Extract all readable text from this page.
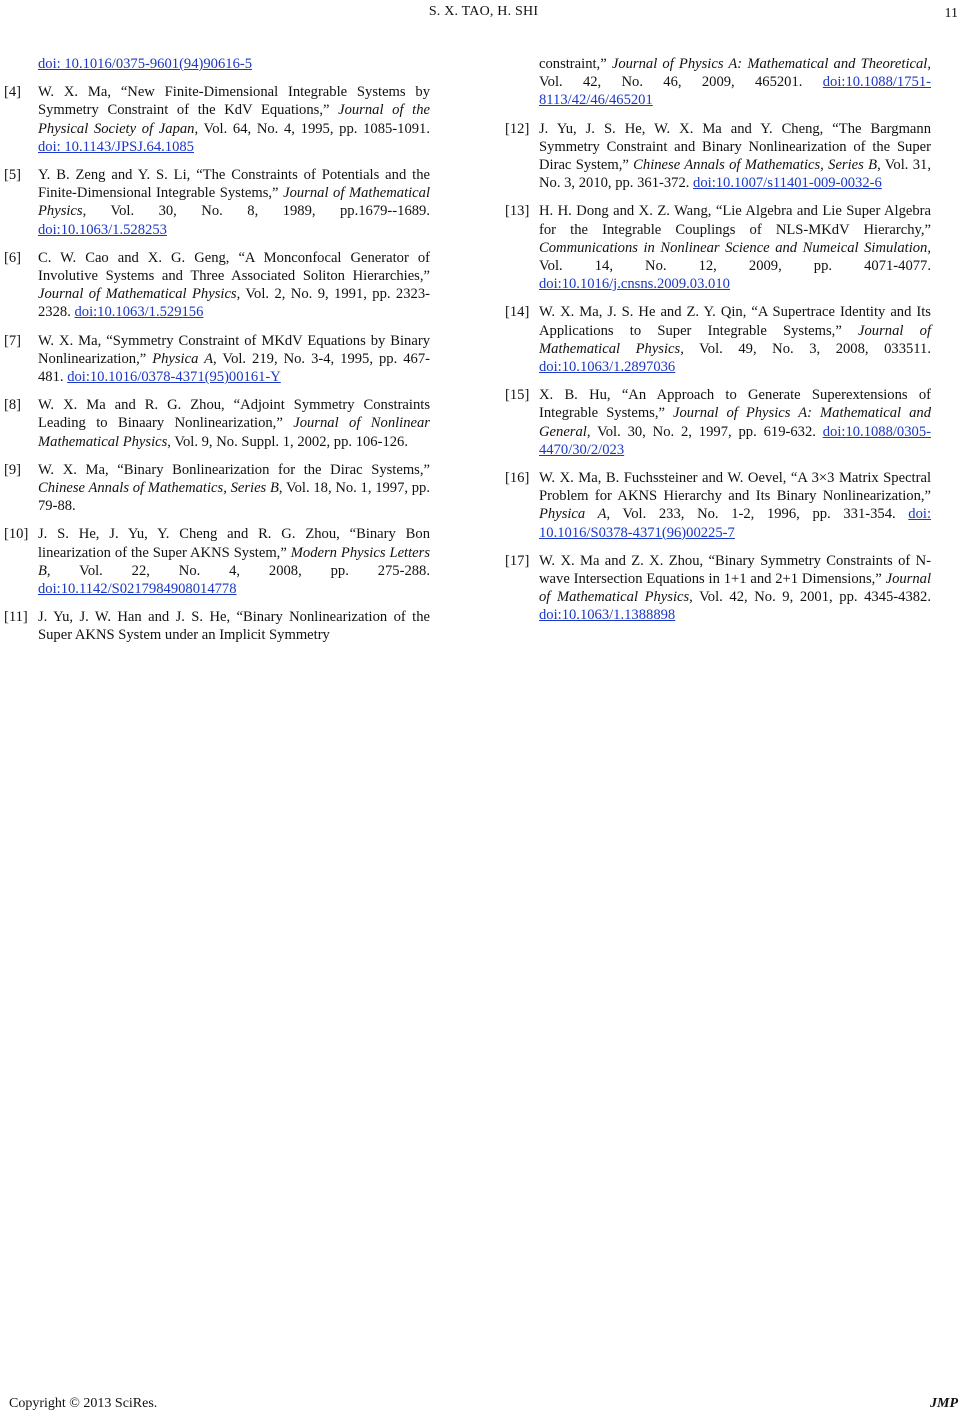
S. X. TAO, H. SHI	11
doi: 10.1016/0375-9601(94)90616-5
[4] W. X. Ma, “New Finite-Dimensional Integrable Systems by Symmetry Constraint of the KdV Equations,” Journal of the Physical Society of Japan, Vol. 64, No. 4, 1995, pp. 1085-1091. doi: 10.1143/JPSJ.64.1085
[5] Y. B. Zeng and Y. S. Li, “The Constraints of Potentials and the Finite-Dimensional Integrable Systems,” Journal of Mathematical Physics, Vol. 30, No. 8, 1989, pp.1679--1689. doi:10.1063/1.528253
[6] C. W. Cao and X. G. Geng, “A Monconfocal Generator of Involutive Systems and Three Associated Soliton Hierarchies,” Journal of Mathematical Physics, Vol. 2, No. 9, 1991, pp. 2323-2328. doi:10.1063/1.529156
[7] W. X. Ma, “Symmetry Constraint of MKdV Equations by Binary Nonlinearization,” Physica A, Vol. 219, No. 3-4, 1995, pp. 467-481. doi:10.1016/0378-4371(95)00161-Y
[8] W. X. Ma and R. G. Zhou, “Adjoint Symmetry Constraints Leading to Binaary Nonlinearization,” Journal of Nonlinear Mathematical Physics, Vol. 9, No. Suppl. 1, 2002, pp. 106-126.
[9] W. X. Ma, “Binary Bonlinearization for the Dirac Systems,” Chinese Annals of Mathematics, Series B, Vol. 18, No. 1, 1997, pp. 79-88.
[10] J. S. He, J. Yu, Y. Cheng and R. G. Zhou, “Binary Bon linearization of the Super AKNS System,” Modern Physics Letters B, Vol. 22, No. 4, 2008, pp. 275-288. doi:10.1142/S0217984908014778
[11] J. Yu, J. W. Han and J. S. He, “Binary Nonlinearization of the Super AKNS System under an Implicit Symmetry
constraint,” Journal of Physics A: Mathematical and Theoretical, Vol. 42, No. 46, 2009, 465201. doi:10.1088/1751-8113/42/46/465201
[12] J. Yu, J. S. He, W. X. Ma and Y. Cheng, “The Bargmann Symmetry Constraint and Binary Nonlinearization of the Super Dirac System,” Chinese Annals of Mathematics, Series B, Vol. 31, No. 3, 2010, pp. 361-372. doi:10.1007/s11401-009-0032-6
[13] H. H. Dong and X. Z. Wang, “Lie Algebra and Lie Super Algebra for the Integrable Couplings of NLS-MKdV Hierarchy,” Communications in Nonlinear Science and Numeical Simulation, Vol. 14, No. 12, 2009, pp. 4071-4077. doi:10.1016/j.cnsns.2009.03.010
[14] W. X. Ma, J. S. He and Z. Y. Qin, “A Supertrace Identity and Its Applications to Super Integrable Systems,” Journal of Mathematical Physics, Vol. 49, No. 3, 2008, 033511. doi:10.1063/1.2897036
[15] X. B. Hu, “An Approach to Generate Superextensions of Integrable Systems,” Journal of Physics A: Mathematical and General, Vol. 30, No. 2, 1997, pp. 619-632. doi:10.1088/0305-4470/30/2/023
[16] W. X. Ma, B. Fuchssteiner and W. Oevel, “A 3×3 Matrix Spectral Problem for AKNS Hierarchy and Its Binary Nonlinearization,” Physica A, Vol. 233, No. 1-2, 1996, pp. 331-354. doi: 10.1016/S0378-4371(96)00225-7
[17] W. X. Ma and Z. X. Zhou, “Binary Symmetry Constraints of N-wave Intersection Equations in 1+1 and 2+1 Dimensions,” Journal of Mathematical Physics, Vol. 42, No. 9, 2001, pp. 4345-4382. doi:10.1063/1.1388898
Copyright © 2013 SciRes.	JMP
